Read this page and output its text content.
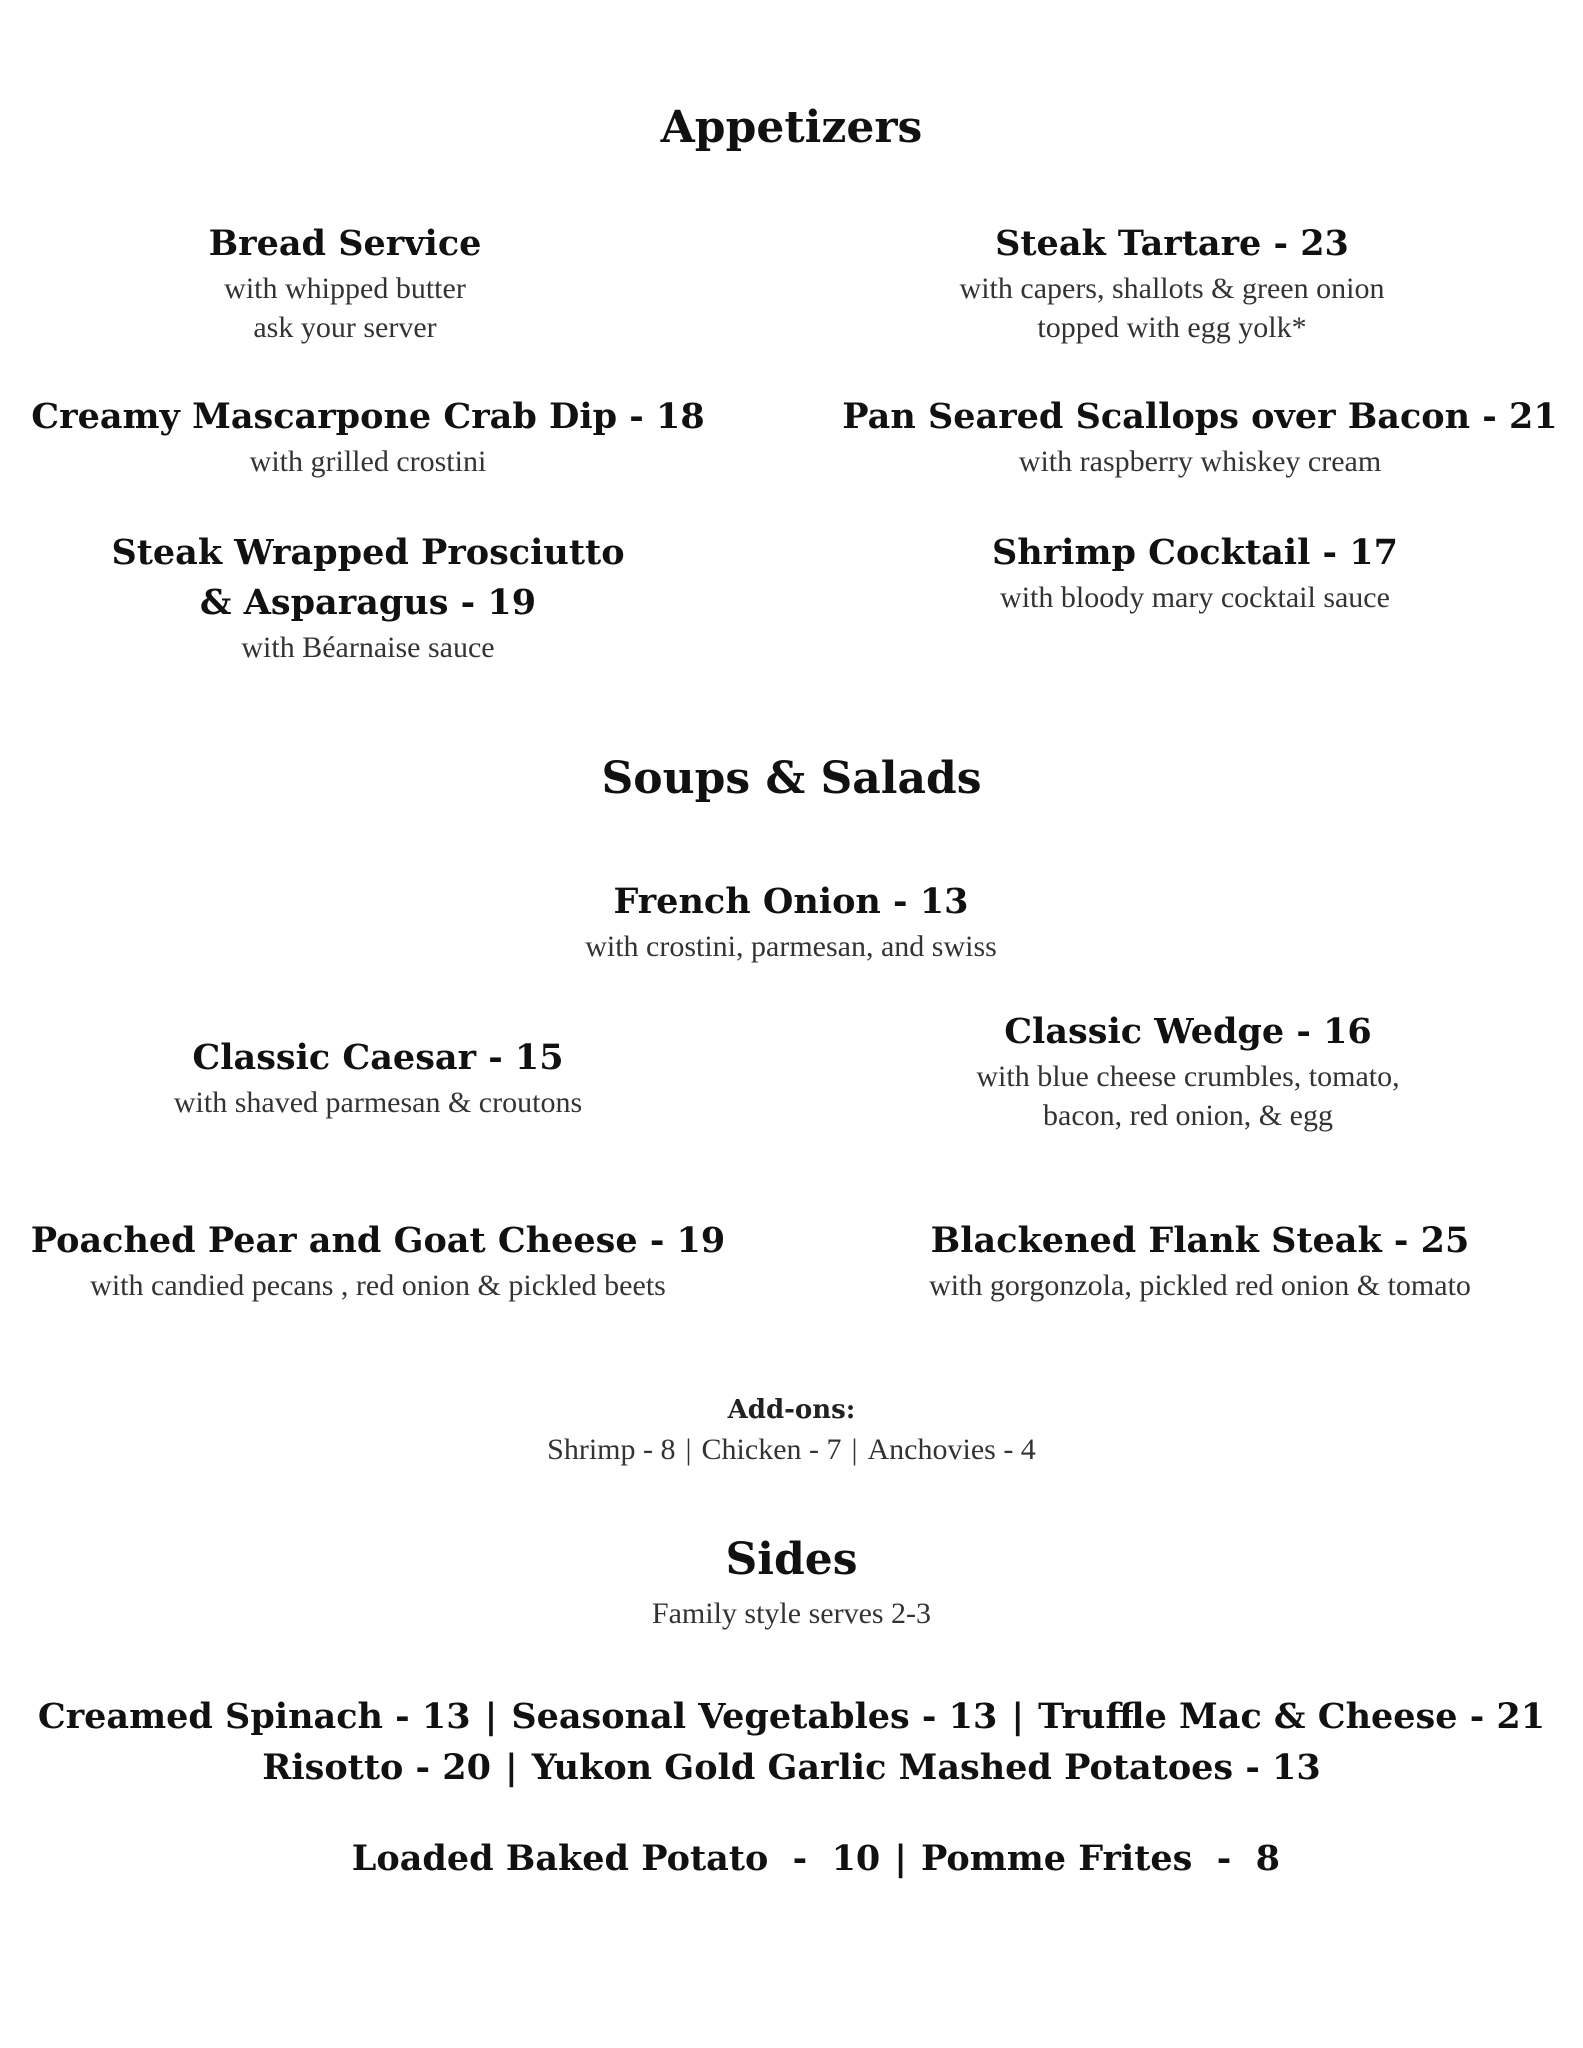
Appetizers
Bread Service
with whipped butter
ask your server
Steak Tartare - 23
with capers, shallots & green onion
topped with egg yolk*
Creamy Mascarpone Crab Dip - 18
with grilled crostini
Pan Seared Scallops over Bacon - 21
with raspberry whiskey cream
Steak Wrapped Prosciutto
& Asparagus - 19
with Béarnaise sauce
Shrimp Cocktail - 17
with bloody mary cocktail sauce
Soups & Salads
French Onion - 13
with crostini, parmesan, and swiss
Classic Caesar - 15
with shaved parmesan & croutons
Classic Wedge - 16
with blue cheese crumbles, tomato,
bacon, red onion, & egg
Poached Pear and Goat Cheese - 19
with candied pecans , red onion & pickled beets
Blackened Flank Steak - 25
with gorgonzola, pickled red onion & tomato
Add-ons:
Shrimp - 8 | Chicken - 7 | Anchovies - 4
Sides
Family style serves 2-3
Creamed Spinach - 13 | Seasonal Vegetables - 13 | Truffle Mac & Cheese - 21
Risotto - 20 | Yukon Gold Garlic Mashed Potatoes - 13

Loaded Baked Potato  -  10 | Pomme Frites  -  8
